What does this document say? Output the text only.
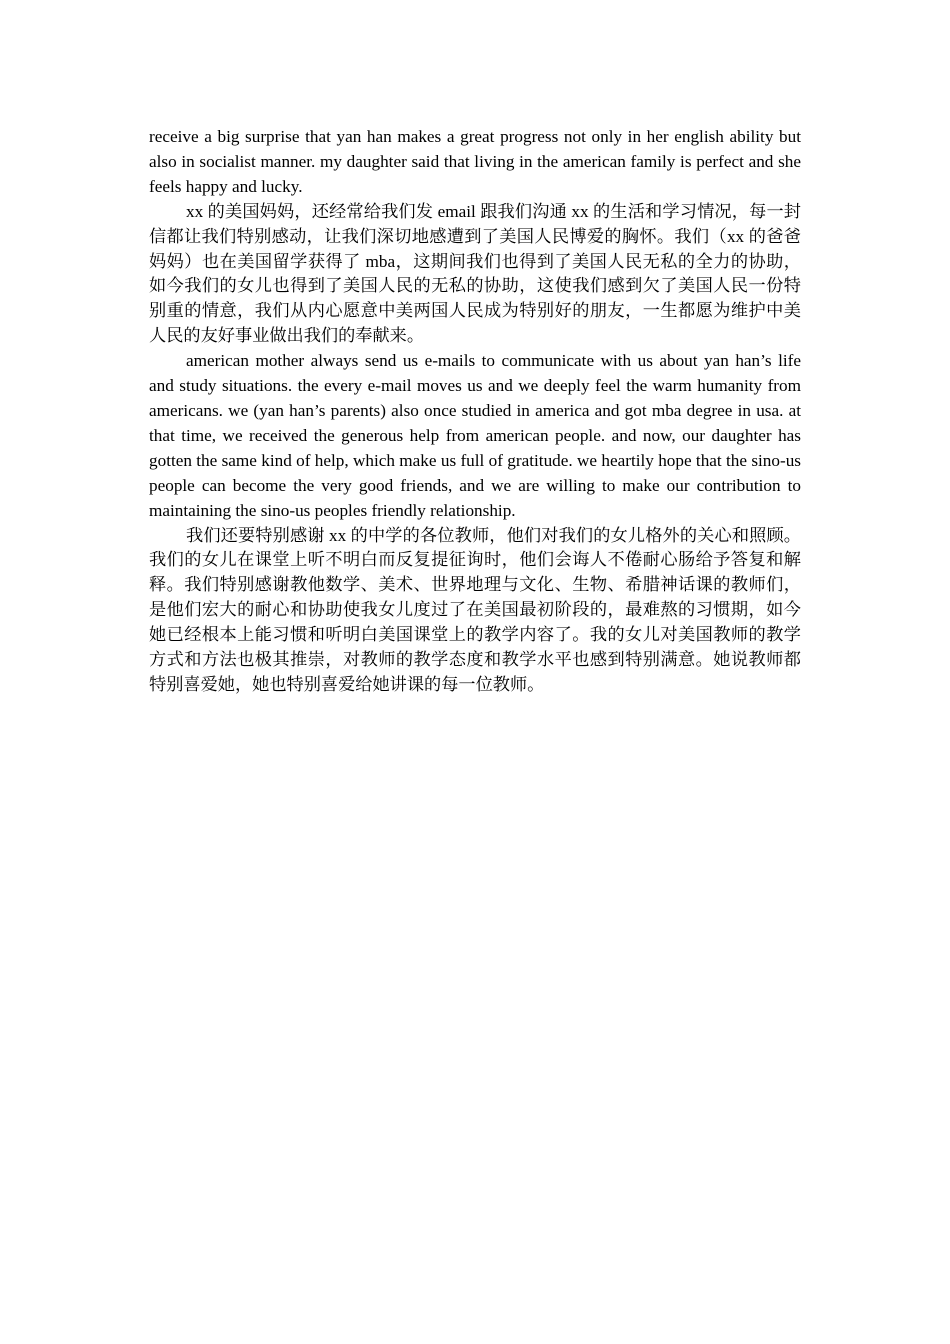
receive a big surprise that yan han makes a great progress not only in her english ability but also in socialist manner. my daughter said that living in the american family is perfect and she feels happy and lucky.

xx 的美国妈妈，还经常给我们发 email 跟我们沟通 xx 的生活和学习情况，每一封信都让我们特别感动，让我们深切地感遭到了美国人民博爱的胸怀。我们（xx 的爸爸妈妈）也在美国留学获得了 mba，这期间我们也得到了美国人民无私的全力的协助，如今我们的女儿也得到了美国人民的无私的协助，这使我们感到欠了美国人民一份特别重的情意，我们从内心愿意中美两国人民成为特别好的朋友，一生都愿为维护中美人民的友好事业做出我们的奉献来。

american mother always send us e-mails to communicate with us about yan han’s life and study situations. the every e-mail moves us and we deeply feel the warm humanity from americans. we (yan han’s parents) also once studied in america and got mba degree in usa. at that time, we received the generous help from american people. and now, our daughter has gotten the same kind of help, which make us full of gratitude. we heartily hope that the sino-us people can become the very good friends, and we are willing to make our contribution to maintaining the sino-us peoples friendly relationship.

我们还要特别感谢 xx 的中学的各位教师，他们对我们的女儿格外的关心和照顾。我们的女儿在课堂上听不明白而反复提征询时，他们会诲人不倦耐心肠给予答复和解释。我们特别感谢教他数学、美术、世界地理与文化、生物、希腊神话课的教师们，是他们宏大的耐心和协助使我女儿度过了在美国最初阶段的，最难熬的习惯期，如今她已经根本上能习惯和听明白美国课堂上的教学内容了。我的女儿对美国教师的教学方式和方法也极其推崇，对教师的教学态度和教学水平也感到特别满意。她说教师都特别喜爱她，她也特别喜爱给她讲课的每一位教师。
